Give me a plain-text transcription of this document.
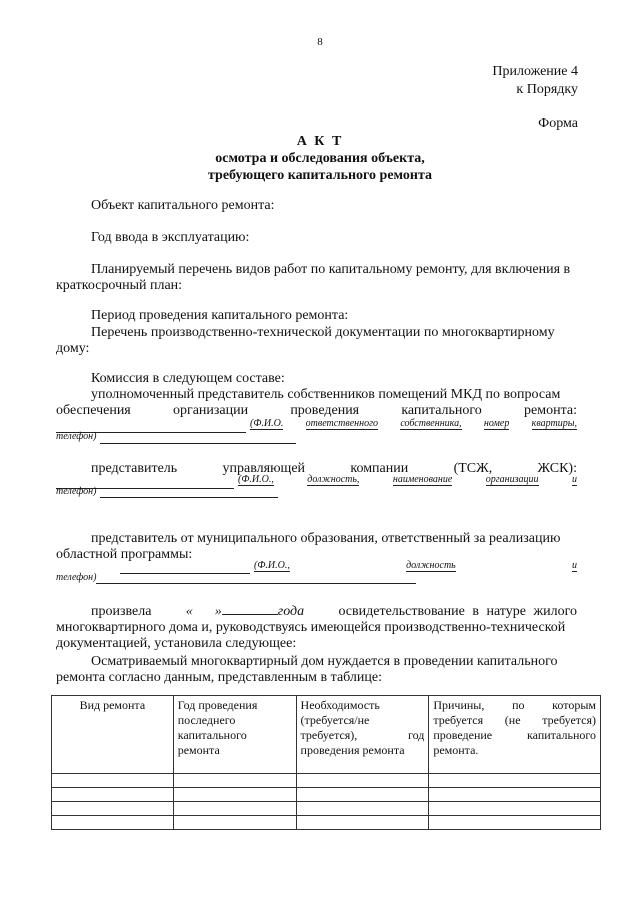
8
Приложение 4
к Порядку
Форма
А К Т
осмотра и обследования объекта,
требующего капитального ремонта
Объект капитального ремонта:
Год ввода в эксплуатацию:
Планируемый перечень видов работ по капитальному ремонту, для включения в
краткосрочный план:
Период проведения капитального ремонта:
Перечень производственно-технической документации по многоквартирному
дому:
Комиссия в следующем составе:
уполномоченный представитель собственников помещений МКД по вопросам
обеспечения	организации	проведения	капитального	ремонта:
(Ф.И.О. ответственного собственника, номер квартиры,
телефон)
представитель	управляющей	компании	(ТСЖ,	ЖСК):
(Ф.И.О.,	должность,	наименование	организации	и
телефон)
представитель от муниципального образования, ответственный за реализацию
областной программы:
(Ф.И.О.,	должность	и
телефон)
произвела « »	года освидетельствование в натуре жилого
многоквартирного дома и, руководствуясь имеющейся производственно-технической
документацией, установила следующее:
Осматриваемый многоквартирный дом нуждается в проведении капитального
ремонта согласно данным, представленным в таблице:
Вид ремонта	Год проведения последнего капитального ремонта	Необходимость (требуется/не требуется), год проведения ремонта	Причины, по которым требуется (не требуется) проведение капитального ремонта.
